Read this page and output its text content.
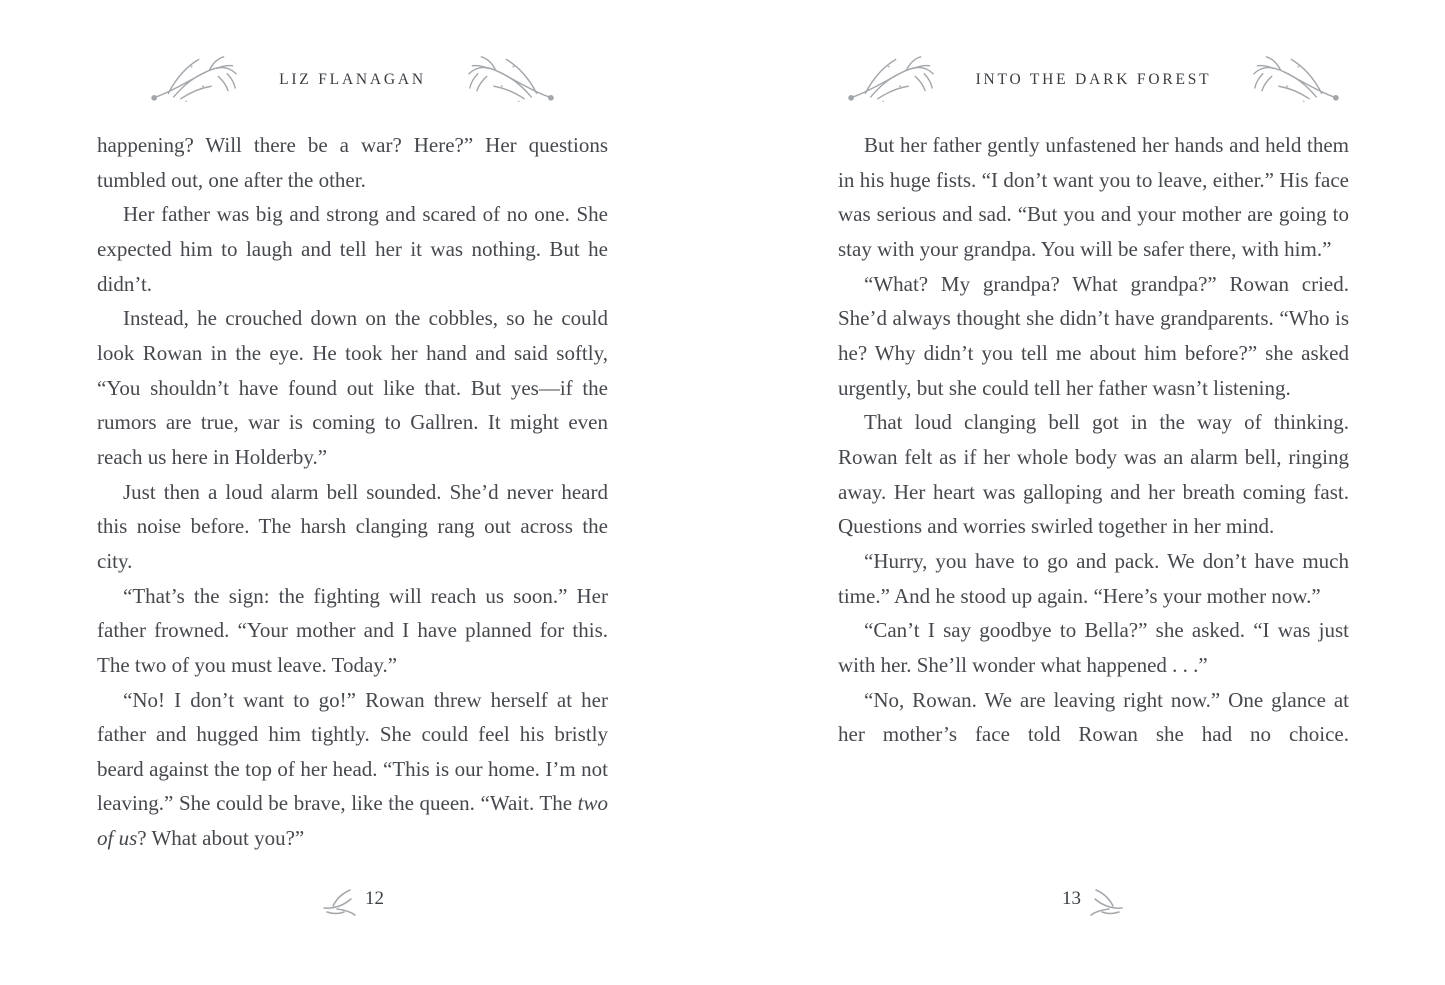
LIZ FLANAGAN

happening? Will there be a war? Here?” Her questions tumbled out, one after the other.

Her father was big and strong and scared of no one. She expected him to laugh and tell her it was nothing. But he didn’t.

Instead, he crouched down on the cobbles, so he could look Rowan in the eye. He took her hand and said softly, “You shouldn’t have found out like that. But yes—if the rumors are true, war is coming to Gallren. It might even reach us here in Holderby.”

Just then a loud alarm bell sounded. She’d never heard this noise before. The harsh clanging rang out across the city.

“That’s the sign: the fighting will reach us soon.” Her father frowned. “Your mother and I have planned for this. The two of you must leave. Today.”

“No! I don’t want to go!” Rowan threw herself at her father and hugged him tightly. She could feel his bristly beard against the top of her head. “This is our home. I’m not leaving.” She could be brave, like the queen. “Wait. The two of us? What about you?”

12
INTO THE DARK FOREST

But her father gently unfastened her hands and held them in his huge fists. “I don’t want you to leave, either.” His face was serious and sad. “But you and your mother are going to stay with your grandpa. You will be safer there, with him.”

“What? My grandpa? What grandpa?” Rowan cried. She’d always thought she didn’t have grandparents. “Who is he? Why didn’t you tell me about him before?” she asked urgently, but she could tell her father wasn’t listening.

That loud clanging bell got in the way of thinking. Rowan felt as if her whole body was an alarm bell, ringing away. Her heart was galloping and her breath coming fast. Questions and worries swirled together in her mind.

“Hurry, you have to go and pack. We don’t have much time.” And he stood up again. “Here’s your mother now.”

“Can’t I say goodbye to Bella?” she asked. “I was just with her. She’ll wonder what happened . . .”

“No, Rowan. We are leaving right now.” One glance at her mother’s face told Rowan she had no choice.

13
